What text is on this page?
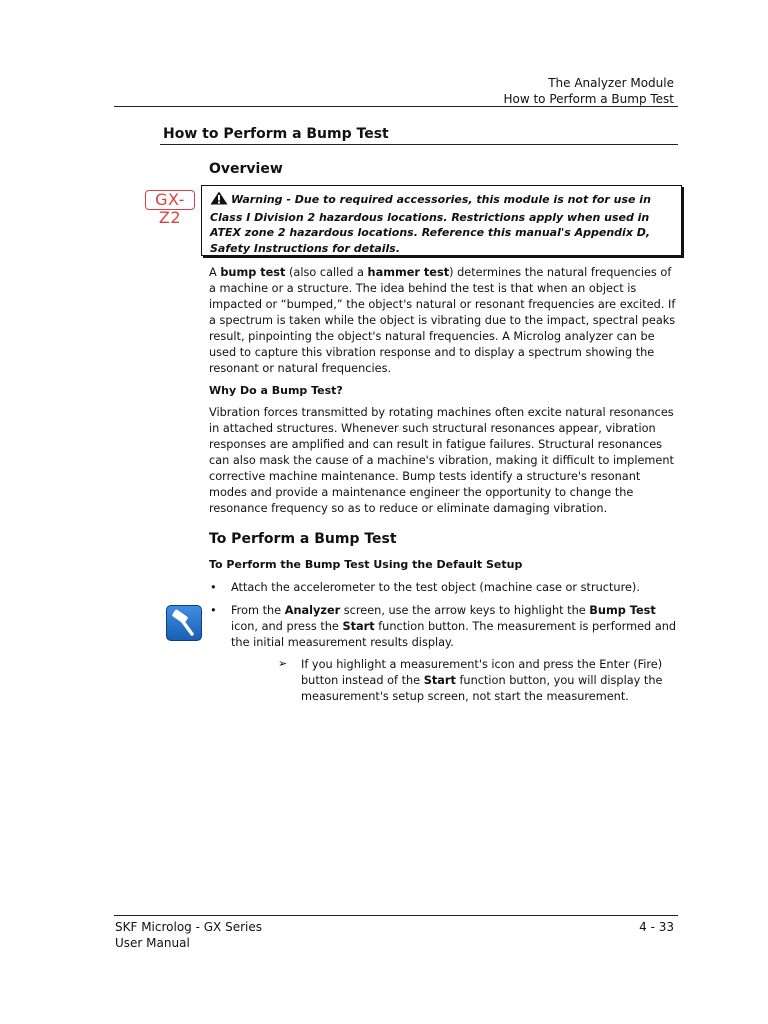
The Analyzer Module
How to Perform a Bump Test
How to Perform a Bump Test
Overview
GX-Z2
Warning - Due to required accessories, this module is not for use in Class I Division 2 hazardous locations. Restrictions apply when used in ATEX zone 2 hazardous locations. Reference this manual's Appendix D, Safety Instructions for details.
A bump test (also called a hammer test) determines the natural frequencies of a machine or a structure. The idea behind the test is that when an object is impacted or “bumped,” the object's natural or resonant frequencies are excited. If a spectrum is taken while the object is vibrating due to the impact, spectral peaks result, pinpointing the object's natural frequencies. A Microlog analyzer can be used to capture this vibration response and to display a spectrum showing the resonant or natural frequencies.
Why Do a Bump Test?
Vibration forces transmitted by rotating machines often excite natural resonances in attached structures. Whenever such structural resonances appear, vibration responses are amplified and can result in fatigue failures. Structural resonances can also mask the cause of a machine's vibration, making it difficult to implement corrective machine maintenance. Bump tests identify a structure's resonant modes and provide a maintenance engineer the opportunity to change the resonance frequency so as to reduce or eliminate damaging vibration.
To Perform a Bump Test
To Perform the Bump Test Using the Default Setup
• Attach the accelerometer to the test object (machine case or structure).
• From the Analyzer screen, use the arrow keys to highlight the Bump Test icon, and press the Start function button. The measurement is performed and the initial measurement results display.
➢ If you highlight a measurement's icon and press the Enter (Fire) button instead of the Start function button, you will display the measurement's setup screen, not start the measurement.
SKF Microlog - GX Series
User Manual
4 - 33
